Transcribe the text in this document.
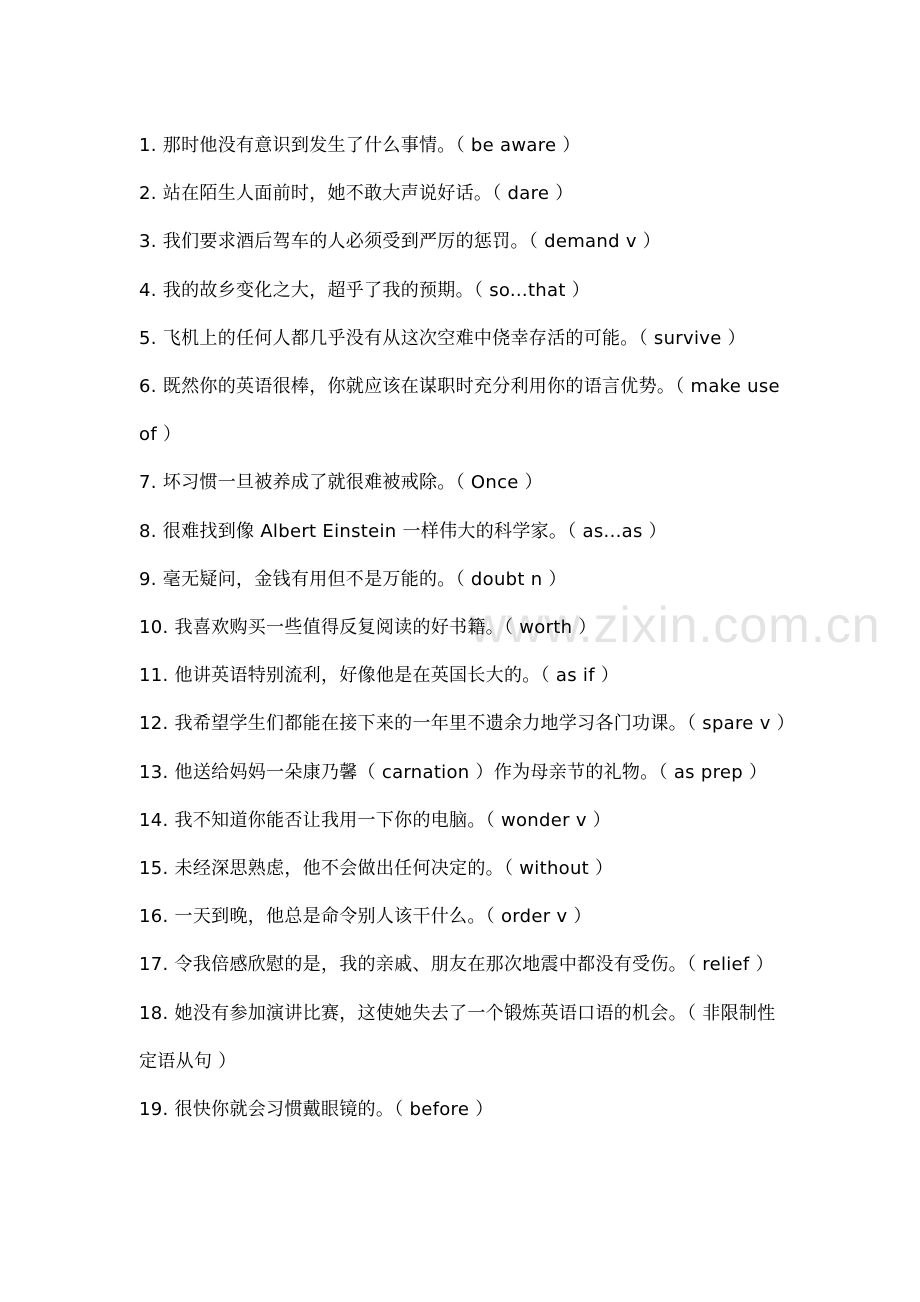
www.zixin.com.cn
1. 那时他没有意识到发生了什么事情。（ be aware ）
2. 站在陌生人面前时，她不敢大声说好话。（ dare ）
3. 我们要求酒后驾车的人必须受到严厉的惩罚。（ demand v ）
4. 我的故乡变化之大，超乎了我的预期。（ so...that ）
5. 飞机上的任何人都几乎没有从这次空难中侥幸存活的可能。（ survive ）
6. 既然你的英语很棒，你就应该在谋职时充分利用你的语言优势。（ make use of ）
7. 坏习惯一旦被养成了就很难被戒除。（ Once ）
8. 很难找到像 Albert Einstein 一样伟大的科学家。（ as...as ）
9. 毫无疑问，金钱有用但不是万能的。（ doubt n ）
10. 我喜欢购买一些值得反复阅读的好书籍。（ worth ）
11. 他讲英语特别流利，好像他是在英国长大的。（ as if ）
12. 我希望学生们都能在接下来的一年里不遗余力地学习各门功课。（ spare v ）
13. 他送给妈妈一朵康乃馨（ carnation ）作为母亲节的礼物。（ as prep ）
14. 我不知道你能否让我用一下你的电脑。（ wonder v ）
15. 未经深思熟虑，他不会做出任何决定的。（ without ）
16. 一天到晚，他总是命令别人该干什么。（ order v ）
17. 令我倍感欣慰的是，我的亲戚、朋友在那次地震中都没有受伤。（ relief ）
18. 她没有参加演讲比赛，这使她失去了一个锻炼英语口语的机会。（ 非限制性定语从句 ）
19. 很快你就会习惯戴眼镜的。（ before ）
